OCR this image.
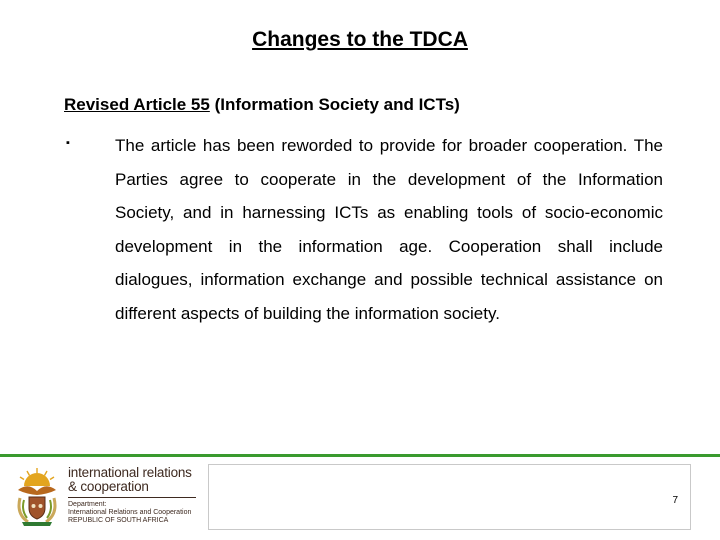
Changes to the TDCA
Revised Article 55 (Information Society and ICTs)
▪	The article has been reworded to provide for broader cooperation. The Parties agree to cooperate in the development of the Information Society, and in harnessing ICTs as enabling tools of socio‑economic development in the information age. Cooperation shall include dialogues, information exchange and possible technical assistance on different aspects of building the information society.

international relations
& cooperation
Department:
International Relations and Cooperation
REPUBLIC OF SOUTH AFRICA
7
